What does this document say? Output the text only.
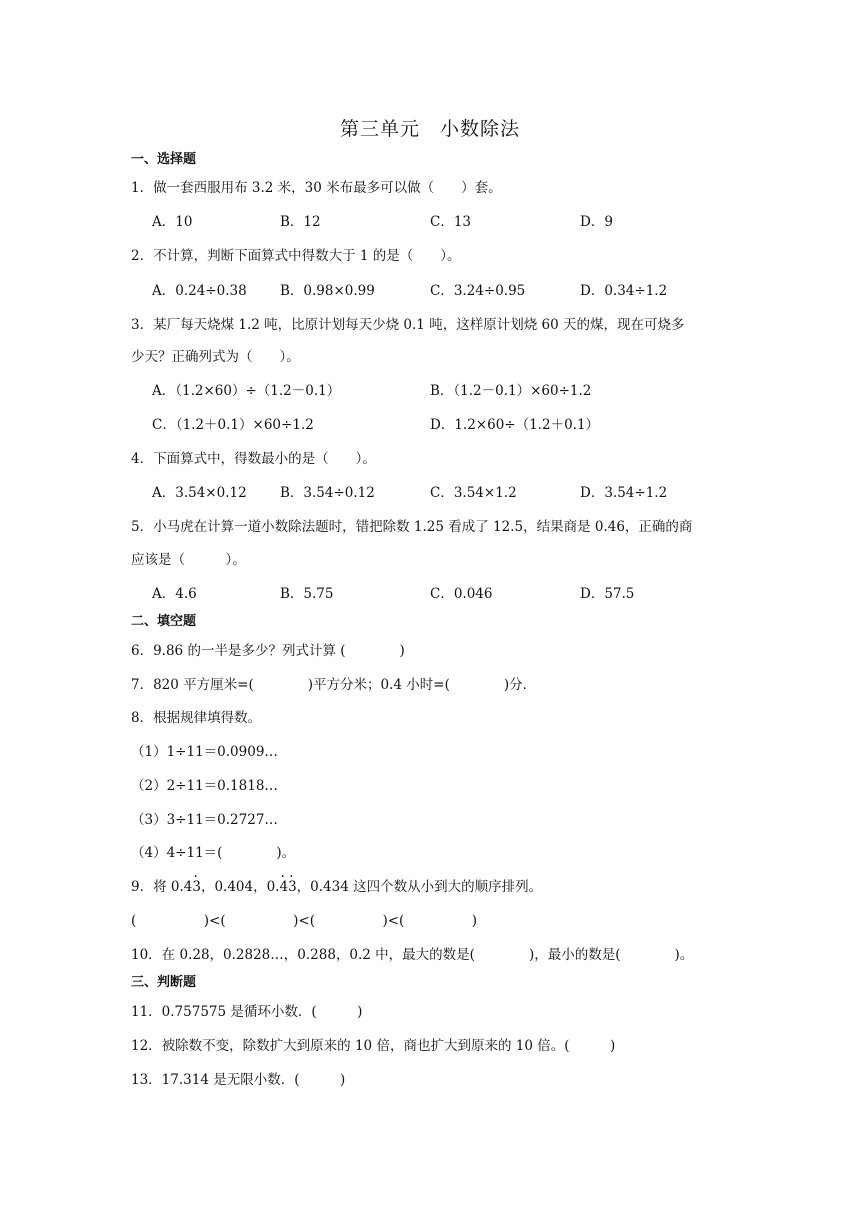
第三单元　小数除法
一、选择题
1．做一套西服用布 3.2 米，30 米布最多可以做（　　）套。
A．10	B．12	C．13	D．9
2．不计算，判断下面算式中得数大于 1 的是（　　）。
A．0.24÷0.38 B．0.98×0.99	C．3.24÷0.95	D．0.34÷1.2
3．某厂每天烧煤 1.2 吨，比原计划每天少烧 0.1 吨，这样原计划烧 60 天的煤，现在可烧多
少天？正确列式为（　　）。
A．（1.2×60）÷（1.2－0.1）	B．（1.2－0.1）×60÷1.2
C．（1.2＋0.1）×60÷1.2	D．1.2×60÷（1.2＋0.1）
4．下面算式中，得数最小的是（　　）。
A．3.54×0.12 B．3.54÷0.12	C．3.54×1.2	D．3.54÷1.2
5．小马虎在计算一道小数除法题时，错把除数 1.25 看成了 12.5，结果商是 0.46，正确的商
应该是（　　　）。
A．4.6	B．5.75	C．0.046	D．57.5
二、填空题
6．9.86 的一半是多少？列式计算 (　　　　)
7．820 平方厘米=(　　　　)平方分米；0.4 小时=(　　　　)分．
8．根据规律填得数。
（1）1÷11＝0.0909…
（2）2÷11＝0.1818…
（3）3÷11＝0.2727…
（4）4÷11＝(　　　　)。
9．将 0.43 ·，0.404，0.4 ·3 ·，0.434 这四个数从小到大的顺序排列。
(　　　　　)<(　　　　　)<(　　　　　)<(　　　　　)
10．在 0.28，0.2828…，0.288，0.2 中，最大的数是(　　　　)，最小的数是(　　　　)。
三、判断题
11．0.757575 是循环小数．(　　　)
12．被除数不变，除数扩大到原来的 10 倍，商也扩大到原来的 10 倍。(　　　)
13．17.314 是无限小数．(　　　)
